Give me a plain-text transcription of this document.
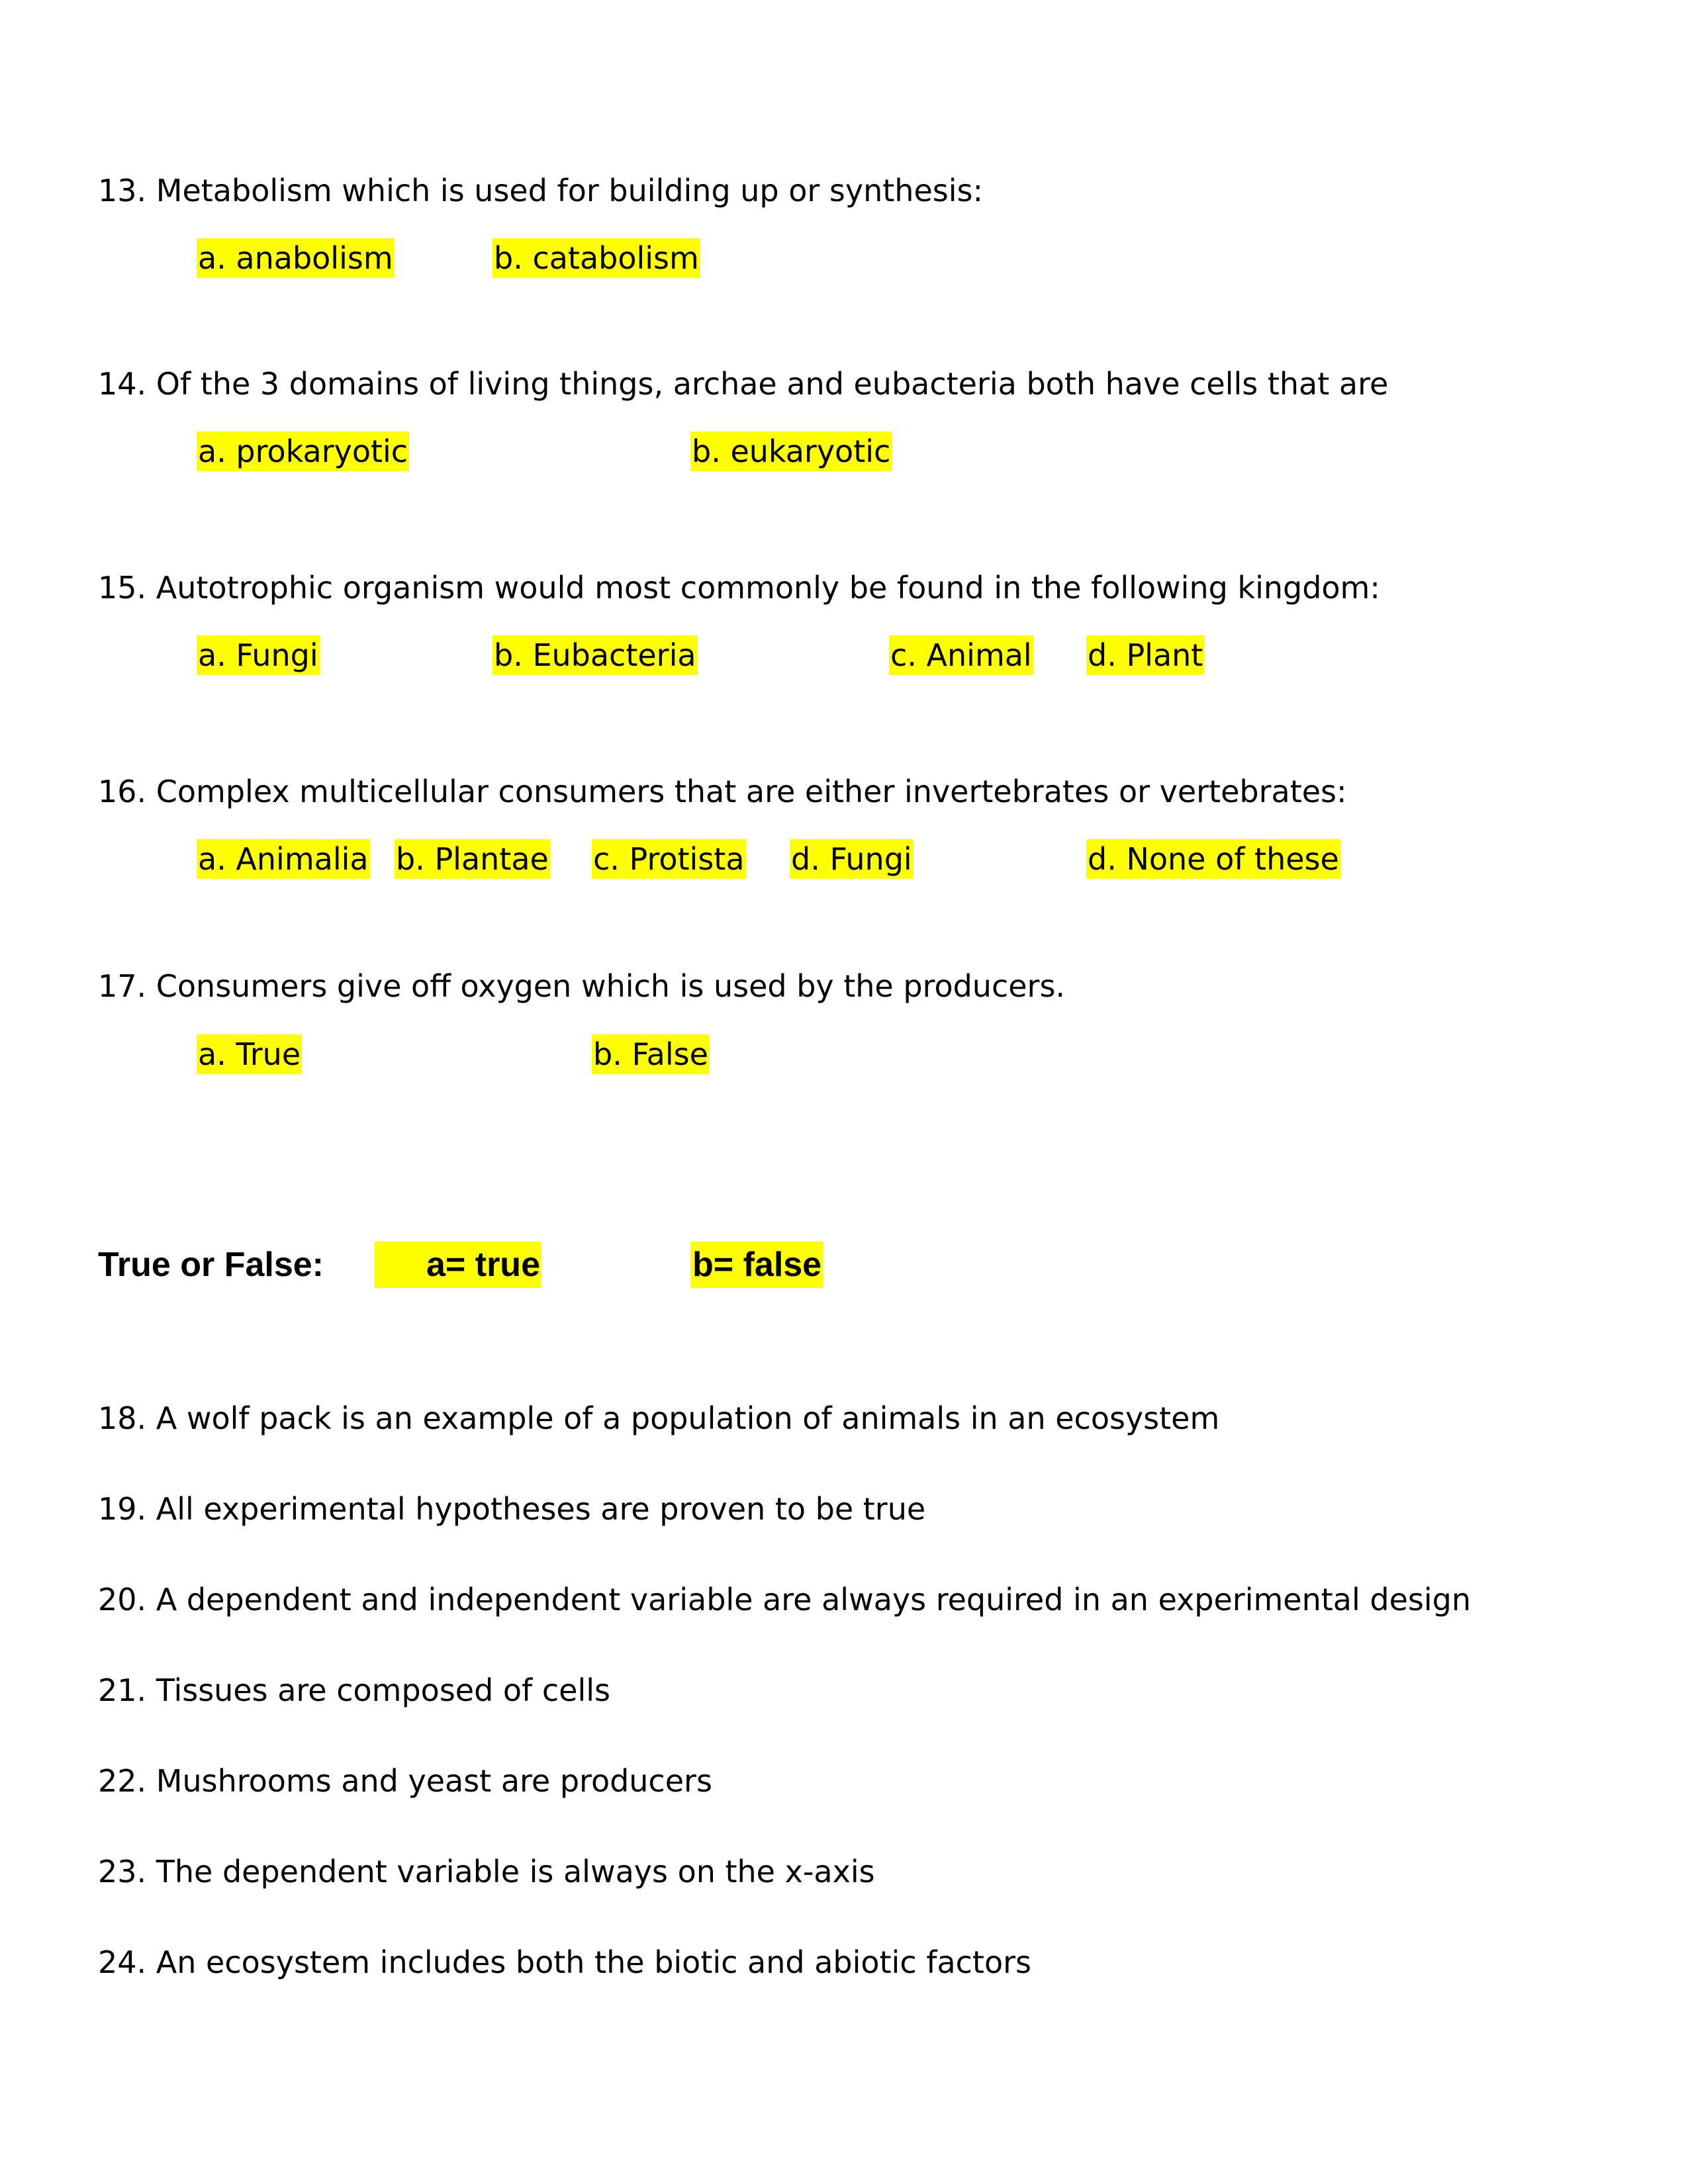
13. Metabolism which is used for building up or synthesis:
a. anabolism	b. catabolism
14. Of the 3 domains of living things, archae and eubacteria both have cells that are
a. prokaryotic	b. eukaryotic
15. Autotrophic organism would most commonly be found in the following kingdom:
a. Fungi	b. Eubacteria	c. Animal d. Plant
16. Complex multicellular consumers that are either invertebrates or vertebrates:
a. Animalia b. Plantae c. Protista d. Fungi	d. None of these
17. Consumers give off oxygen which is used by the producers.
a. True	b. False
True or False:	a= true	b= false
18. A wolf pack is an example of a population of animals in an ecosystem
19. All experimental hypotheses are proven to be true
20. A dependent and independent variable are always required in an experimental design
21. Tissues are composed of cells
22. Mushrooms and yeast are producers
23. The dependent variable is always on the x-axis
24. An ecosystem includes both the biotic and abiotic factors
